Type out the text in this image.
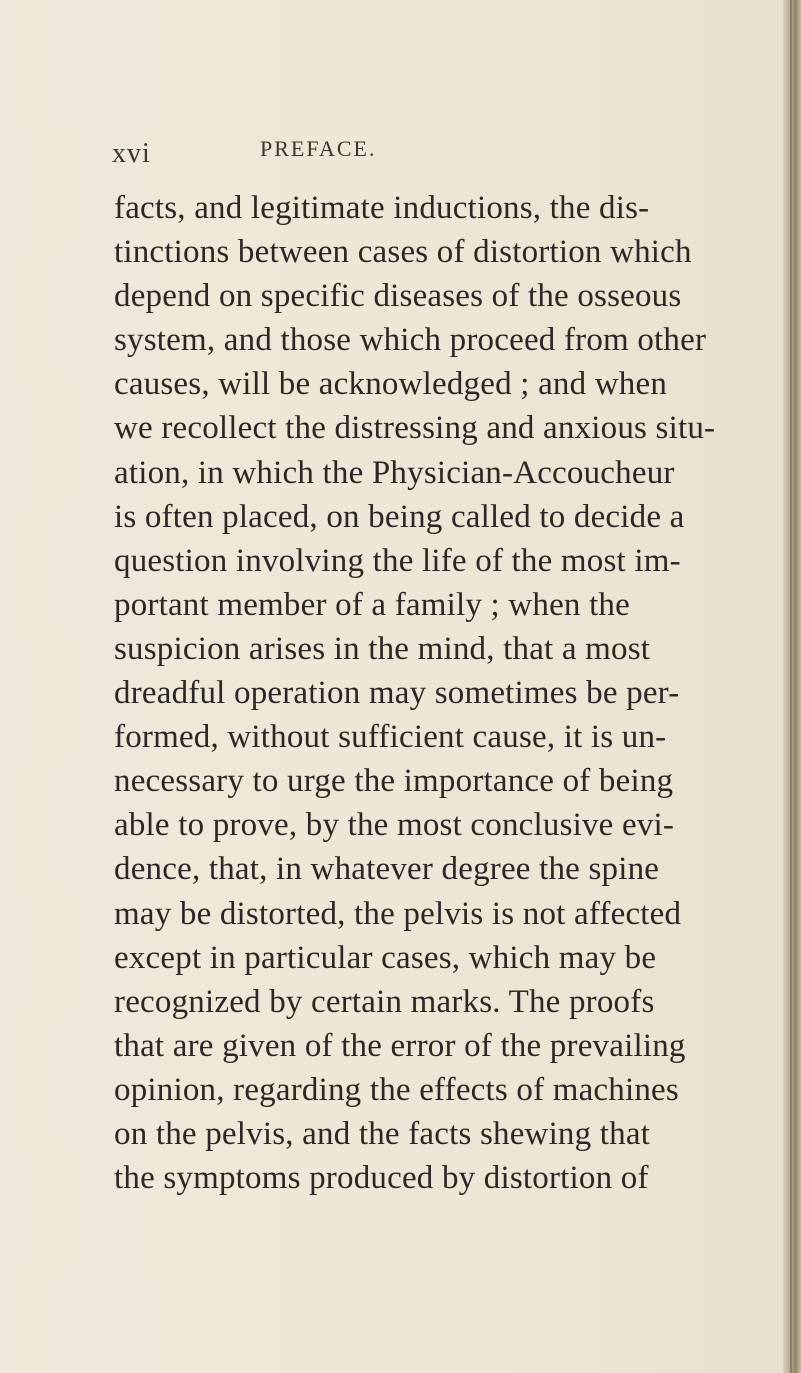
xvi	PREFACE.
facts, and legitimate inductions, the dis-
tinctions between cases of distortion which
depend on specific diseases of the osseous
system, and those which proceed from other
causes, will be acknowledged ; and when
we recollect the distressing and anxious situ-
ation, in which the Physician-Accoucheur
is often placed, on being called to decide a
question involving the life of the most im-
portant member of a family ; when the
suspicion arises in the mind, that a most
dreadful operation may sometimes be per-
formed, without sufficient cause, it is un-
necessary to urge the importance of being
able to prove, by the most conclusive evi-
dence, that, in whatever degree the spine
may be distorted, the pelvis is not affected
except in particular cases, which may be
recognized by certain marks. The proofs
that are given of the error of the prevailing
opinion, regarding the effects of machines
on the pelvis, and the facts shewing that
the symptoms produced by distortion of
